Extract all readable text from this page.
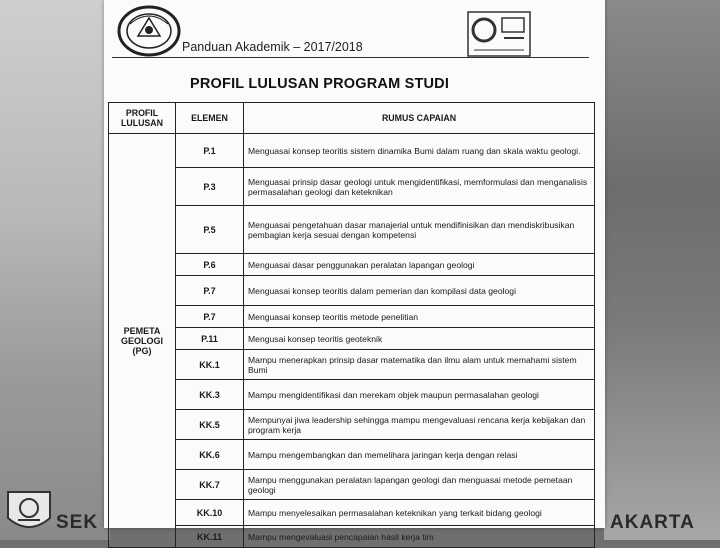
Panduan Akademik – 2017/2018
PROFIL LULUSAN PROGRAM STUDI
PROFIL LULUSAN	ELEMEN	RUMUS CAPAIAN
PEMETA GEOLOGI (PG)	P.1	Menguasai konsep teoritis sistem dinamika Bumi dalam ruang dan skala waktu geologi.
	P.3	Menguasai prinsip dasar geologi untuk mengidentifikasi, memformulasi dan menganalisis permasalahan geologi dan keteknikan
	P.5	Menguasai pengetahuan dasar manajerial untuk mendifinisikan dan mendiskribusikan pembagian kerja sesuai dengan kompetensi
	P.6	Menguasai dasar penggunakan peralatan lapangan geologi
	P.7	Menguasai konsep teoritis dalam pemerian dan kompilasi data geologi
	P.7	Menguasai konsep teoritis metode penelitian
	P.11	Mengusai konsep teoritis geoteknik
	KK.1	Mampu menerapkan prinsip dasar matematika dan ilmu alam untuk memahami sistem Bumi
	KK.3	Mampu mengidentifikasi dan merekam objek maupun permasalahan geologi
	KK.5	Mempunyai jiwa leadership sehingga mampu mengevaluasi rencana kerja kebijakan dan program kerja
	KK.6	Mampu mengembangkan dan memelihara jaringan kerja dengan relasi
	KK.7	Mampu menggunakan peralatan lapangan geologi dan menguasai metode pemetaan geologi
	KK.10	Mampu menyelesaikan permasalahan keteknikan yang terkait bidang geologi
	KK.11	Mampu mengevaluasi pencapaian hasil kerja tim
SEK	AKARTA
